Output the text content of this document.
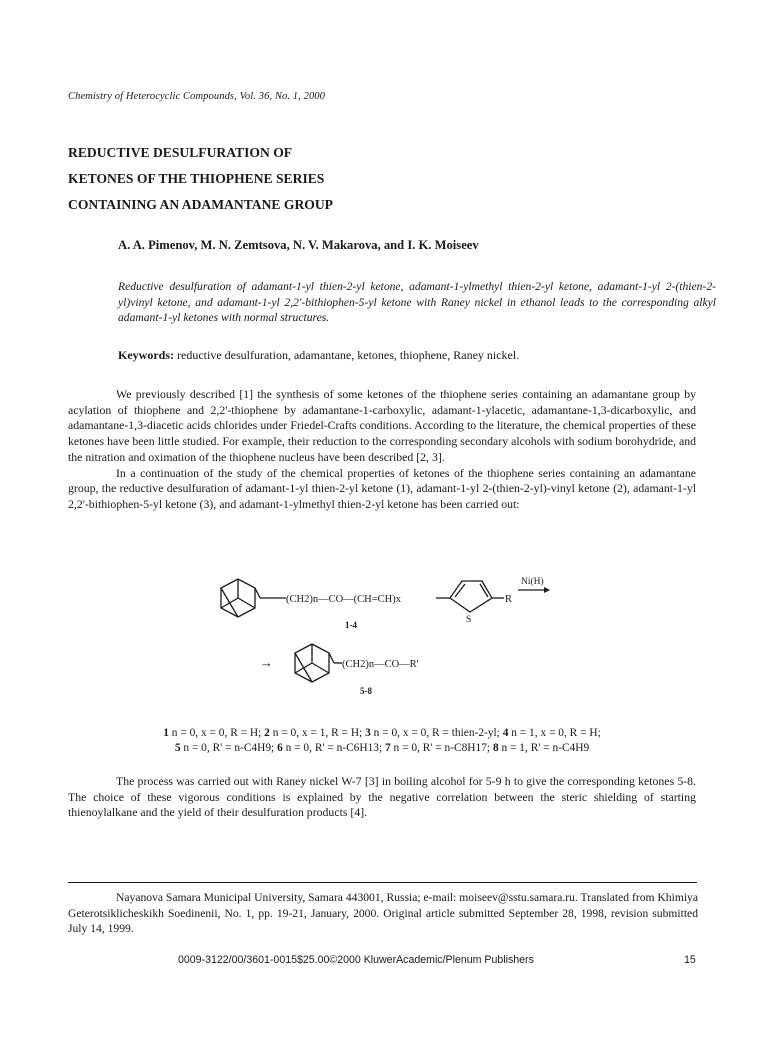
Chemistry of Heterocyclic Compounds, Vol. 36, No. 1, 2000
REDUCTIVE DESULFURATION OF
KETONES OF THE THIOPHENE SERIES
CONTAINING AN ADAMANTANE GROUP
A. A. Pimenov, M. N. Zemtsova, N. V. Makarova, and I. K. Moiseev
Reductive desulfuration of adamant-1-yl thien-2-yl ketone, adamant-1-ylmethyl thien-2-yl ketone, adamant-1-yl 2-(thien-2-yl)vinyl ketone, and adamant-1-yl 2,2'-bithiophen-5-yl ketone with Raney nickel in ethanol leads to the corresponding alkyl adamant-1-yl ketones with normal structures.
Keywords: reductive desulfuration, adamantane, ketones, thiophene, Raney nickel.

We previously described [1] the synthesis of some ketones of the thiophene series containing an adamantane group by acylation of thiophene and 2,2'-thiophene by adamantane-1-carboxylic, adamant-1-ylacetic, adamantane-1,3-dicarboxylic, and adamantane-1,3-diacetic acids chlorides under Friedel-Crafts conditions. According to the literature, the chemical properties of these ketones have been little studied. For example, their reduction to the corresponding secondary alcohols with sodium borohydride, and the nitration and oximation of the thiophene nucleus have been described [2, 3].

In a continuation of the study of the chemical properties of ketones of the thiophene series containing an adamantane group, the reductive desulfuration of adamant-1-yl thien-2-yl ketone (1), adamant-1-yl 2-(thien-2-yl)-vinyl ketone (2), adamant-1-yl 2,2'-bithiophen-5-yl ketone (3), and adamant-1-ylmethyl thien-2-yl ketone has been carried out:

(CH2)n—CO—(CH=CH)x
S
R
Ni(H)
1-4
→	(CH2)n—CO—R'
5-8
1 n = 0, x = 0, R = H; 2 n = 0, x = 1, R = H; 3 n = 0, x = 0, R = thien-2-yl; 4 n = 1, x = 0, R = H;
5 n = 0, R' = n-C4H9; 6 n = 0, R' = n-C6H13; 7 n = 0, R' = n-C8H17; 8 n = 1, R' = n-C4H9

The process was carried out with Raney nickel W-7 [3] in boiling alcohol for 5-9 h to give the corresponding ketones 5-8. The choice of these vigorous conditions is explained by the negative correlation between the steric shielding of starting thienoylalkane and the yield of their desulfuration products [4].

Nayanova Samara Municipal University, Samara 443001, Russia; e-mail: moiseev@sstu.samara.ru. Translated from Khimiya Geterotsiklicheskikh Soedinenii, No. 1, pp. 19-21, January, 2000. Original article submitted September 28, 1998, revision submitted July 14, 1999.

0009-3122/00/3601-0015$25.00©2000 KluwerAcademic/Plenum Publishers	15
